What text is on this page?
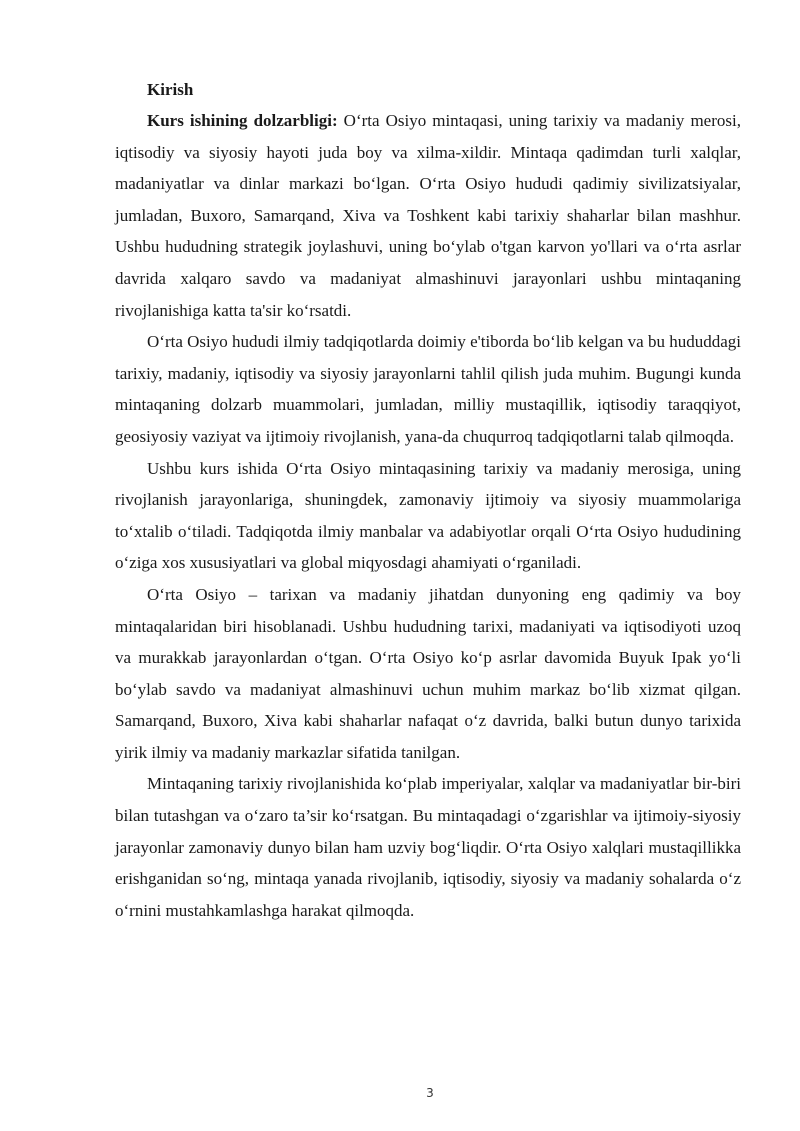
Kirish

Kurs ishining dolzarbligi: O‘rta Osiyo mintaqasi, uning tarixiy va madaniy merosi, iqtisodiy va siyosiy hayoti juda boy va xilma-xildir. Mintaqa qadimdan turli xalqlar, madaniyatlar va dinlar markazi bo‘lgan. O‘rta Osiyo hududi qadimiy sivilizatsiyalar, jumladan, Buxoro, Samarqand, Xiva va Toshkent kabi tarixiy shaharlar bilan mashhur. Ushbu hududning strategik joylashuvi, uning bo‘ylab o'tgan karvon yo'llari va o‘rta asrlar davrida xalqaro savdo va madaniyat almashinuvi jarayonlari ushbu mintaqaning rivojlanishiga katta ta'sir ko‘rsatdi.

O‘rta Osiyo hududi ilmiy tadqiqotlarda doimiy e'tiborda bo‘lib kelgan va bu hududdagi tarixiy, madaniy, iqtisodiy va siyosiy jarayonlarni tahlil qilish juda muhim. Bugungi kunda mintaqaning dolzarb muammolari, jumladan, milliy mustaqillik, iqtisodiy taraqqiyot, geosiyosiy vaziyat va ijtimoiy rivojlanish, yana-da chuqurroq tadqiqotlarni talab qilmoqda.

Ushbu kurs ishida O‘rta Osiyo mintaqasining tarixiy va madaniy merosiga, uning rivojlanish jarayonlariga, shuningdek, zamonaviy ijtimoiy va siyosiy muammolariga to‘xtalib o‘tiladi. Tadqiqotda ilmiy manbalar va adabiyotlar orqali O‘rta Osiyo hududining o‘ziga xos xususiyatlari va global miqyosdagi ahamiyati o‘rganiladi.

O‘rta Osiyo – tarixan va madaniy jihatdan dunyoning eng qadimiy va boy mintaqalaridan biri hisoblanadi. Ushbu hududning tarixi, madaniyati va iqtisodiyoti uzoq va murakkab jarayonlardan o‘tgan. O‘rta Osiyo ko‘p asrlar davomida Buyuk Ipak yo‘li bo‘ylab savdo va madaniyat almashinuvi uchun muhim markaz bo‘lib xizmat qilgan. Samarqand, Buxoro, Xiva kabi shaharlar nafaqat o‘z davrida, balki butun dunyo tarixida yirik ilmiy va madaniy markazlar sifatida tanilgan.

Mintaqaning tarixiy rivojlanishida ko‘plab imperiyalar, xalqlar va madaniyatlar bir-biri bilan tutashgan va o‘zaro ta’sir ko‘rsatgan. Bu mintaqadagi o‘zgarishlar va ijtimoiy-siyosiy jarayonlar zamonaviy dunyo bilan ham uzviy bog‘liqdir. O‘rta Osiyo xalqlari mustaqillikka erishganidan so‘ng, mintaqa yanada rivojlanib, iqtisodiy, siyosiy va madaniy sohalarda o‘z o‘rnini mustahkamlashga harakat qilmoqda.

3
